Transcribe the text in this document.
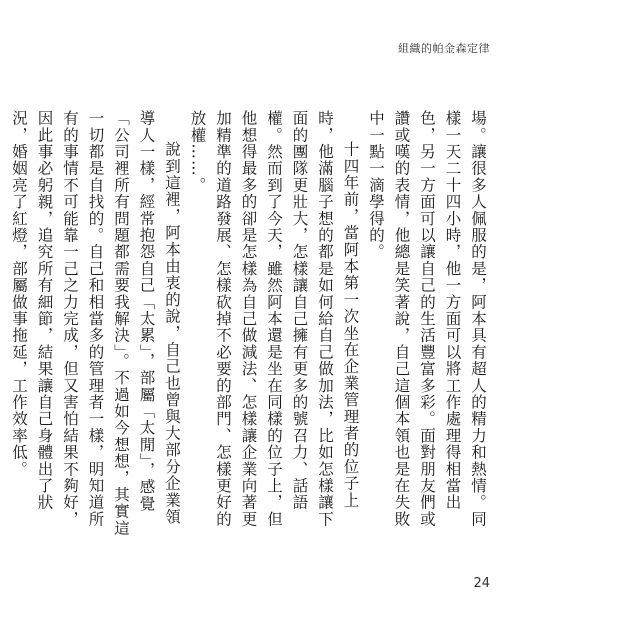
組織的帕金森定律

場。讓很多人佩服的是，阿本具有超人的精力和熱情。同樣一天二十四小時，他一方面可以將工作處理得相當出色，另一方面可以讓自己的生活豐富多彩。面對朋友們或讚或嘆的表情，他總是笑著說，自己這個本領也是在失敗中一點一滴學得的。

十四年前，當阿本第一次坐在企業管理者的位子上時，他滿腦子想的都是如何給自己做加法，比如怎樣讓下面的團隊更壯大，怎樣讓自己擁有更多的號召力、話語權。然而到了今天，雖然阿本還是坐在同樣的位子上，但他想得最多的卻是怎樣為自己做減法、怎樣讓企業向著更加精準的道路發展、怎樣砍掉不必要的部門、怎樣更好的放權……。

說到這裡，阿本由衷的說，自己也曾與大部分企業領導人一樣，經常抱怨自己「太累」，部屬「太閒」，感覺「公司裡所有問題都需要我解決」。不過如今想想，其實這一切都是自找的。自己和相當多的管理者一樣，明知道所有的事情不可能靠一己之力完成，但又害怕結果不夠好，因此事必躬親，追究所有細節，結果讓自己身體出了狀況，婚姻亮了紅燈，部屬做事拖延，工作效率低。

24
